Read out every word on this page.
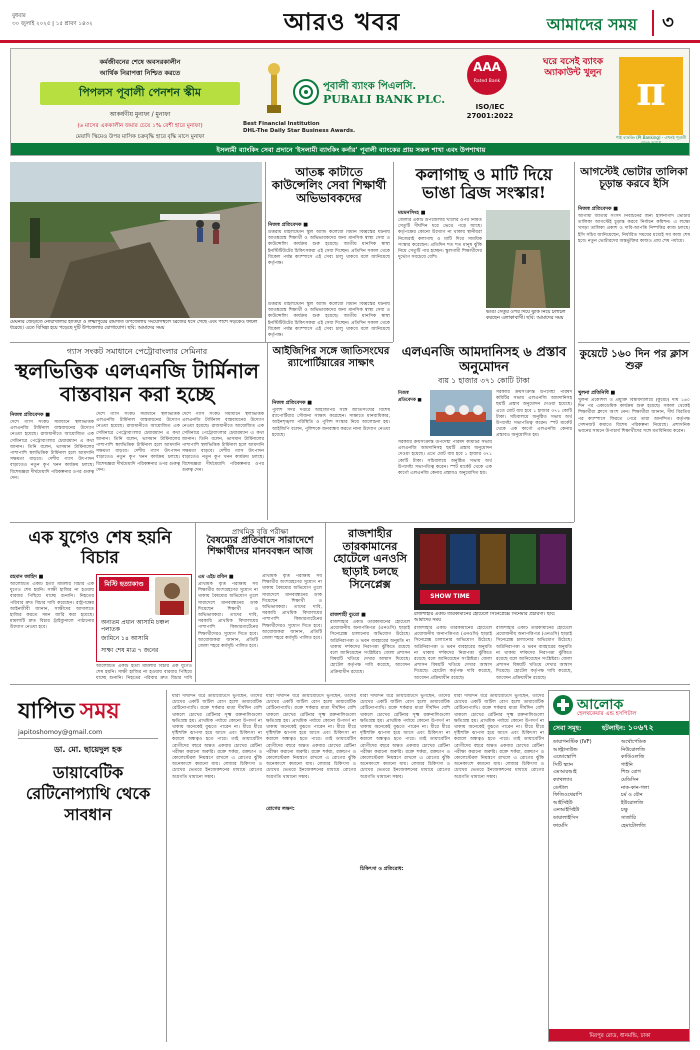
বুধবার
৩০ জুলাই ২০২৫ | ১৫ শ্রাবণ ১৪৩২	আরও খবর	আমাদের সময়	৩
কর্মজীবনের শেষে অবসরকালীন
আর্থিক নিরাপত্তা নিশ্চিত করতে
পিপলস পূবালী পেনশন স্কীম
আকর্ষণীয় মুনাফা / মুনাফা
(৬ মাসের এককালীন জমার চেয়ে ১% বেশী হারে মুনাফা)
মেয়াদি স্কিমেও উপর মাসিক চক্রবৃদ্ধি হারে বৃদ্ধি মাসে মুনাফা
Best Financial Institution
DHL-The Daily Star Business Awards.
পূবালী ব্যাংক পিএলসি.
PUBALI BANK PLC.
AAA
Rated Bank
ISO/IEC
27001:2022
ঘরে বসেই ব্যাংক অ্যাকাউন্ট খুলুন π
পাই ব্যাংকিং (PI Banking) - এখনই পূবালী
ইসলামী ব্যাংকিং সেবা প্রদানে 'ইসলামী ব্যাংকিং কর্নার' পূবালী ব্যাংকের প্রায় সকল শাখা এবং উপশাখায়
মেঘনার জেড়াতে নোয়াখালীর হাতিয়া ও লক্ষ্মীপুরের রামগতি উপজেলায় সংযোগস্থলে ব্রিজের ধসে গেছে এবং পাশে সড়কেও ফাটল ধরেছে। এতে বিচ্ছিন্ন হয়ে পড়েছে দুটি উপজেলার যোগাযোগ। ছবি: আমাদের সময়
আতঙ্ক কাটাতে কাউন্সেলিং সেবা শিক্ষার্থী অভিভাবকদের
নিজস্ব প্রতিবেদক ■
উত্তরায় মাইলস্টোন স্কুল অ্যান্ড কলেজে বিমান বিধ্বস্তের ঘটনায় আতঙ্কগ্রস্ত শিক্ষার্থী ও অভিভাবকদের জন্য মানসিক স্বাস্থ্য সেবা ও কাউন্সেলিং কার্যক্রম শুরু হয়েছে। জাতীয় মানসিক স্বাস্থ্য ইনস্টিটিউটের চিকিৎসকরা এই সেবা দিচ্ছেন। প্রতিদিন সকাল থেকে বিকেল পর্যন্ত ক্যাম্পাসে এই সেবা চালু থাকবে বলে জানিয়েছে কর্তৃপক্ষ।
উত্তরায় মাইলস্টোন স্কুল অ্যান্ড কলেজে বিমান বিধ্বস্তের ঘটনায় আতঙ্কগ্রস্ত শিক্ষার্থী ও অভিভাবকদের জন্য মানসিক স্বাস্থ্য সেবা ও কাউন্সেলিং কার্যক্রম শুরু হয়েছে। জাতীয় মানসিক স্বাস্থ্য ইনস্টিটিউটের চিকিৎসকরা এই সেবা দিচ্ছেন। প্রতিদিন সকাল থেকে বিকেল পর্যন্ত ক্যাম্পাসে এই সেবা চালু থাকবে বলে জানিয়েছে কর্তৃপক্ষ।
কলাগাছ ও মাটি দিয়ে ভাঙা ব্রিজ সংস্কার!
ময়মনসিংহ ■
জেলার একটি উপজেলার খালের ওপর নির্মিত সেতুটি দীর্ঘদিন ধরে ভেঙে পড়ে আছে। কর্তৃপক্ষের কোনো উদ্যোগ না থাকায় স্থানীয়রা নিজেরাই কলাগাছ ও মাটি দিয়ে সাময়িক সংস্কার করেছেন। প্রতিদিন শত শত মানুষ ঝুঁকি নিয়ে সেতুটি পার হচ্ছেন। স্কুলগামী শিক্ষার্থীদের দুর্ভোগ সবচেয়ে বেশি।
ভাঙা সেতুর ওপর দিয়ে ঝুঁকি নিয়ে চলাচল করছেন এলাকাবাসী। ছবি: আমাদের সময়
আগস্টেই ভোটার তালিকা চূড়ান্ত করবে ইসি
নিজস্ব প্রতিবেদক ■
আগামী জাতীয় সংসদ নির্বাচনের জন্য হালনাগাদ ভোটার তালিকা আগস্টেই চূড়ান্ত করবে নির্বাচন কমিশন। এ লক্ষ্যে খসড়া তালিকা প্রকাশ ও দাবি-আপত্তি নিষ্পত্তির কাজ চলছে। ইসি সচিব জানিয়েছেন, নির্ধারিত সময়ের মধ্যেই সব কাজ শেষ হবে। নতুন ভোটারদের অন্তর্ভুক্তির কাজও প্রায় শেষ পর্যায়ে।
কুয়েটে ১৬০ দিন পর ক্লাস শুরু
খুলনা প্রতিনিধি ■
খুলনা প্রকৌশল ও প্রযুক্তি বিশ্ববিদ্যালয়ে (কুয়েট) দীর্ঘ ১৬০ দিন পর একাডেমিক কার্যক্রম শুরু হয়েছে। সকাল থেকেই শিক্ষার্থীরা ক্লাসে অংশ নেন। শিক্ষার্থীরা জানান, দীর্ঘ বিরতির পর ক্যাম্পাসে ফিরতে পেরে তারা আনন্দিত। কর্তৃপক্ষ সেশনজট কমাতে বিশেষ পরিকল্পনা নিয়েছে। প্রশাসনিক ভবনের সামনে উপাচার্য শিক্ষার্থীদের সঙ্গে মতবিনিময় করেন।
গ্যাস সংকট সমাধানে পেট্রোবাংলার সেমিনার
স্থলভিত্তিক এলএনজি টার্মিনাল বাস্তবায়ন করা হচ্ছে
নিজস্ব প্রতিবেদক ■
দেশে গ্যাস সংকট সমাধানে স্থলভিত্তিক এলএনজি টার্মিনাল বাস্তবায়নের উদ্যোগ নেওয়া হয়েছে। রাজধানীতে আয়োজিত এক সেমিনারে পেট্রোবাংলার চেয়ারম্যান এ কথা জানান। তিনি বলেন, ভাসমান টার্মিনালের পাশাপাশি স্থলভিত্তিক টার্মিনাল হলে আমদানি সক্ষমতা বাড়বে। দেশীয় গ্যাস উৎপাদন বাড়াতেও নতুন কূপ খনন কার্যক্রম চলছে। বিশেষজ্ঞরা দীর্ঘমেয়াদি পরিকল্পনার ওপর গুরুত্ব দেন।
দেশে গ্যাস সংকট সমাধানে স্থলভিত্তিক এলএনজি টার্মিনাল বাস্তবায়নের উদ্যোগ নেওয়া হয়েছে। রাজধানীতে আয়োজিত এক সেমিনারে পেট্রোবাংলার চেয়ারম্যান এ কথা জানান। তিনি বলেন, ভাসমান টার্মিনালের পাশাপাশি স্থলভিত্তিক টার্মিনাল হলে আমদানি সক্ষমতা বাড়বে। দেশীয় গ্যাস উৎপাদন বাড়াতেও নতুন কূপ খনন কার্যক্রম চলছে। বিশেষজ্ঞরা দীর্ঘমেয়াদি পরিকল্পনার ওপর গুরুত্ব দেন।
দেশে গ্যাস সংকট সমাধানে স্থলভিত্তিক এলএনজি টার্মিনাল বাস্তবায়নের উদ্যোগ নেওয়া হয়েছে। রাজধানীতে আয়োজিত এক সেমিনারে পেট্রোবাংলার চেয়ারম্যান এ কথা জানান। তিনি বলেন, ভাসমান টার্মিনালের পাশাপাশি স্থলভিত্তিক টার্মিনাল হলে আমদানি সক্ষমতা বাড়বে। দেশীয় গ্যাস উৎপাদন বাড়াতেও নতুন কূপ খনন কার্যক্রম চলছে। বিশেষজ্ঞরা দীর্ঘমেয়াদি পরিকল্পনার ওপর গুরুত্ব দেন।
আইজিপির সঙ্গে জাতিসংঘের র‌্যাপোর্টিয়ারের সাক্ষাৎ
নিজস্ব প্রতিবেদক ■
পুলিশ সদর দপ্তরে আইজিপির সঙ্গে জাতিসংঘের বিশেষ র‌্যাপোর্টিয়ার সৌজন্য সাক্ষাৎ করেছেন। সাক্ষাতে মানবাধিকার, আইনশৃঙ্খলা পরিস্থিতি ও পুলিশ সংস্কার নিয়ে আলোচনা হয়। আইজিপি বলেন, পুলিশকে জনবান্ধব করতে নানা উদ্যোগ নেওয়া হয়েছে।
এলএনজি আমদানিসহ ৬ প্রস্তাব অনুমোদন
ব্যয় ১ হাজার ৩৭১ কোটি টাকা
নিজস্ব প্রতিবেদক ■
সরকারি ক্রয়সংক্রান্ত উপদেষ্টা পরিষদ কমিটির সভায় এলএনজি আমদানিসহ ছয়টি প্রস্তাব অনুমোদন দেওয়া হয়েছে। এতে মোট ব্যয় হবে ১ হাজার ৩৭১ কোটি টাকা। সচিবালয়ে অনুষ্ঠিত সভায় অর্থ উপদেষ্টা সভাপতিত্ব করেন। স্পট মার্কেট থেকে এক কার্গো এলএনজি কেনার প্রস্তাবও অনুমোদিত হয়।
সরকারি ক্রয়সংক্রান্ত উপদেষ্টা পরিষদ কমিটির সভায় এলএনজি আমদানিসহ ছয়টি প্রস্তাব অনুমোদন দেওয়া হয়েছে। এতে মোট ব্যয় হবে ১ হাজার ৩৭১ কোটি টাকা। সচিবালয়ে অনুষ্ঠিত সভায় অর্থ উপদেষ্টা সভাপতিত্ব করেন। স্পট মার্কেট থেকে এক কার্গো এলএনজি কেনার প্রস্তাবও অনুমোদিত হয়।
এক যুগেও শেষ হয়নি বিচার
রহমান জাহিদ ■
আলোচিত একটি হত্যা মামলার বিচার এক যুগেও শেষ হয়নি। সাক্ষী হাজির না হওয়ায় বারবার পিছিয়ে যাচ্ছে শুনানি। নিহতের পরিবার দ্রুত বিচার দাবি করেছেন। রাষ্ট্রপক্ষের আইনজীবী জানান, সাক্ষীদের আদালতে হাজির করতে সমন জারি করা হয়েছে। মামলাটি দ্রুত বিচার ট্রাইব্যুনালে পাঠানোর উদ্যোগ নেওয়া হবে।
মিস্টি হত্যাকাণ্ড
অন্যতম প্রধান আসামি চঞ্চল পলাতক
জামিনে ১৪ আসামি
সাক্ষ্য শেষ মাত্র ৭ জনের
আলোচিত একটি হত্যা মামলার বিচার এক যুগেও শেষ হয়নি। সাক্ষী হাজির না হওয়ায় বারবার পিছিয়ে যাচ্ছে শুনানি। নিহতের পরিবার দ্রুত বিচার দাবি
প্রাথমিক বৃত্তি পরীক্ষা
বৈষম্যের প্রতিবাদে সারাদেশে শিক্ষার্থীদের মানববন্ধন আজ
এম এইচ রবিন ■
প্রাথমিক বৃত্তি পরীক্ষায় সব শিক্ষার্থীর অংশগ্রহণের সুযোগ না থাকায় বৈষম্যের অভিযোগ তুলে সারাদেশে মানববন্ধনের ডাক দিয়েছেন শিক্ষার্থী ও অভিভাবকরা। তাদের দাবি, সরকারি প্রাথমিক বিদ্যালয়ের পাশাপাশি কিন্ডারগার্টেনের শিক্ষার্থীদেরও সুযোগ দিতে হবে। আয়োজকরা জানান, প্রতিটি জেলা শহরে কর্মসূচি পালিত হবে।
প্রাথমিক বৃত্তি পরীক্ষায় সব শিক্ষার্থীর অংশগ্রহণের সুযোগ না থাকায় বৈষম্যের অভিযোগ তুলে সারাদেশে মানববন্ধনের ডাক দিয়েছেন শিক্ষার্থী ও অভিভাবকরা। তাদের দাবি, সরকারি প্রাথমিক বিদ্যালয়ের পাশাপাশি কিন্ডারগার্টেনের শিক্ষার্থীদেরও সুযোগ দিতে হবে। আয়োজকরা জানান, প্রতিটি জেলা শহরে কর্মসূচি পালিত হবে।
রাজশাহীর তারকামানের হোটেলে এনওসি ছাড়াই চলছে সিনেপ্লেক্স
SHOW TIME
রাজশাহীর একটি তারকামানের হোটেলে সিনেপ্লেক্সে সিনেমার প্রচারণা। ছবি: আমাদের সময়
রাজশাহী ব্যুরো ■
রাজশাহীর একটি তারকামানের হোটেলে প্রয়োজনীয় অনাপত্তিপত্র (এনওসি) ছাড়াই সিনেপ্লেক্স চালানোর অভিযোগ উঠেছে। অগ্নিনিরাপত্তা ও ভবন ব্যবহারের অনুমতি না থাকায় দর্শকদের নিরাপত্তা ঝুঁকিতে রয়েছে বলে জানিয়েছেন সংশ্লিষ্টরা। জেলা প্রশাসন বিষয়টি খতিয়ে দেখার আশ্বাস দিয়েছে। হোটেল কর্তৃপক্ষ দাবি করেছে, আবেদন প্রক্রিয়াধীন রয়েছে।
রাজশাহীর একটি তারকামানের হোটেলে প্রয়োজনীয় অনাপত্তিপত্র (এনওসি) ছাড়াই সিনেপ্লেক্স চালানোর অভিযোগ উঠেছে। অগ্নিনিরাপত্তা ও ভবন ব্যবহারের অনুমতি না থাকায় দর্শকদের নিরাপত্তা ঝুঁকিতে রয়েছে বলে জানিয়েছেন সংশ্লিষ্টরা। জেলা প্রশাসন বিষয়টি খতিয়ে দেখার আশ্বাস দিয়েছে। হোটেল কর্তৃপক্ষ দাবি করেছে, আবেদন প্রক্রিয়াধীন রয়েছে।
রাজশাহীর একটি তারকামানের হোটেলে প্রয়োজনীয় অনাপত্তিপত্র (এনওসি) ছাড়াই সিনেপ্লেক্স চালানোর অভিযোগ উঠেছে। অগ্নিনিরাপত্তা ও ভবন ব্যবহারের অনুমতি না থাকায় দর্শকদের নিরাপত্তা ঝুঁকিতে রয়েছে বলে জানিয়েছেন সংশ্লিষ্টরা। জেলা প্রশাসন বিষয়টি খতিয়ে দেখার আশ্বাস দিয়েছে। হোটেল কর্তৃপক্ষ দাবি করেছে, আবেদন প্রক্রিয়াধীন রয়েছে।
যাপিত সময়
japitoshomoy@gmail.com
ডা. মো. ছায়েদুল হক
ডায়াবেটিক রেটিনোপ্যাথি থেকে সাবধান
যারা দীর্ঘদিন ধরে ডায়াবেটিসে ভুগছেন, তাদের চোখের একটি জটিল রোগ হলো ডায়াবেটিক রেটিনোপ্যাথি। রক্তে শর্করার মাত্রা দীর্ঘদিন বেশি থাকলে চোখের রেটিনার সূক্ষ্ম রক্তনালিগুলো ক্ষতিগ্রস্ত হয়। প্রাথমিক পর্যায়ে কোনো উপসর্গ না থাকায় অনেকেই বুঝতে পারেন না। ধীরে ধীরে দৃষ্টিশক্তি ঝাপসা হয়ে আসে এবং চিকিৎসা না করালে অন্ধত্বও হতে পারে। তাই ডায়াবেটিস রোগীদের বছরে অন্তত একবার চোখের রেটিনা পরীক্ষা করানো জরুরি। রক্তে শর্করা, রক্তচাপ ও কোলেস্টেরল নিয়ন্ত্রণে রাখলে এ রোগের ঝুঁকি অনেকাংশে কমানো যায়। লেজার চিকিৎসা ও চোখের ভেতরে ইনজেকশনের মাধ্যমে রোগের অগ্রগতি থামানো সম্ভব।
যারা দীর্ঘদিন ধরে ডায়াবেটিসে ভুগছেন, তাদের চোখের একটি জটিল রোগ হলো ডায়াবেটিক রেটিনোপ্যাথি। রক্তে শর্করার মাত্রা দীর্ঘদিন বেশি থাকলে চোখের রেটিনার সূক্ষ্ম রক্তনালিগুলো ক্ষতিগ্রস্ত হয়। প্রাথমিক পর্যায়ে কোনো উপসর্গ না থাকায় অনেকেই বুঝতে পারেন না। ধীরে ধীরে দৃষ্টিশক্তি ঝাপসা হয়ে আসে এবং চিকিৎসা না করালে অন্ধত্বও হতে পারে। তাই ডায়াবেটিস রোগীদের বছরে অন্তত একবার চোখের রেটিনা পরীক্ষা করানো জরুরি। রক্তে শর্করা, রক্তচাপ ও কোলেস্টেরল নিয়ন্ত্রণে রাখলে এ রোগের ঝুঁকি অনেকাংশে কমানো যায়। লেজার চিকিৎসা ও চোখের ভেতরে ইনজেকশনের মাধ্যমে রোগের অগ্রগতি থামানো সম্ভব।
রোগের লক্ষণ:
যারা দীর্ঘদিন ধরে ডায়াবেটিসে ভুগছেন, তাদের চোখের একটি জটিল রোগ হলো ডায়াবেটিক রেটিনোপ্যাথি। রক্তে শর্করার মাত্রা দীর্ঘদিন বেশি থাকলে চোখের রেটিনার সূক্ষ্ম রক্তনালিগুলো ক্ষতিগ্রস্ত হয়। প্রাথমিক পর্যায়ে কোনো উপসর্গ না থাকায় অনেকেই বুঝতে পারেন না। ধীরে ধীরে দৃষ্টিশক্তি ঝাপসা হয়ে আসে এবং চিকিৎসা না করালে অন্ধত্বও হতে পারে। তাই ডায়াবেটিস রোগীদের বছরে অন্তত একবার চোখের রেটিনা পরীক্ষা করানো জরুরি। রক্তে শর্করা, রক্তচাপ ও কোলেস্টেরল নিয়ন্ত্রণে রাখলে এ রোগের ঝুঁকি অনেকাংশে কমানো যায়। লেজার চিকিৎসা ও চোখের ভেতরে ইনজেকশনের মাধ্যমে রোগের অগ্রগতি থামানো সম্ভব।
চিকিৎসা ও প্রতিরোধ:
যারা দীর্ঘদিন ধরে ডায়াবেটিসে ভুগছেন, তাদের চোখের একটি জটিল রোগ হলো ডায়াবেটিক রেটিনোপ্যাথি। রক্তে শর্করার মাত্রা দীর্ঘদিন বেশি থাকলে চোখের রেটিনার সূক্ষ্ম রক্তনালিগুলো ক্ষতিগ্রস্ত হয়। প্রাথমিক পর্যায়ে কোনো উপসর্গ না থাকায় অনেকেই বুঝতে পারেন না। ধীরে ধীরে দৃষ্টিশক্তি ঝাপসা হয়ে আসে এবং চিকিৎসা না করালে অন্ধত্বও হতে পারে। তাই ডায়াবেটিস রোগীদের বছরে অন্তত একবার চোখের রেটিনা পরীক্ষা করানো জরুরি। রক্তে শর্করা, রক্তচাপ ও কোলেস্টেরল নিয়ন্ত্রণে রাখলে এ রোগের ঝুঁকি অনেকাংশে কমানো যায়। লেজার চিকিৎসা ও চোখের ভেতরে ইনজেকশনের মাধ্যমে রোগের অগ্রগতি থামানো সম্ভব।
আলোক
হেলথকেয়ার এন্ড হসপিটাল
সেবা সমূহ:	হটলাইন: ১০৬৭২
ডায়াগনস্টিক (IVF)
আল্ট্রাসাউন্ড
এন্ডোস্কোপি
সিটি স্ক্যান
এমআরআই
ক্যাথল্যাব
ডেন্টাল
ফিজিওথেরাপি
আইসিইউ
এনআইসিইউ
ডায়ালাইসিস
ফার্মেসি
অর্থোপেডিক
নিউরোলজি
কার্ডিওলজি
গাইনি
শিশু রোগ
মেডিসিন
নাক-কান-গলা
চর্ম ও যৌন
ইউরোলজি
চক্ষু
সার্জারি
হেমাটোলজি
মিরপুর রোড, ধানমন্ডি, ঢাকা
